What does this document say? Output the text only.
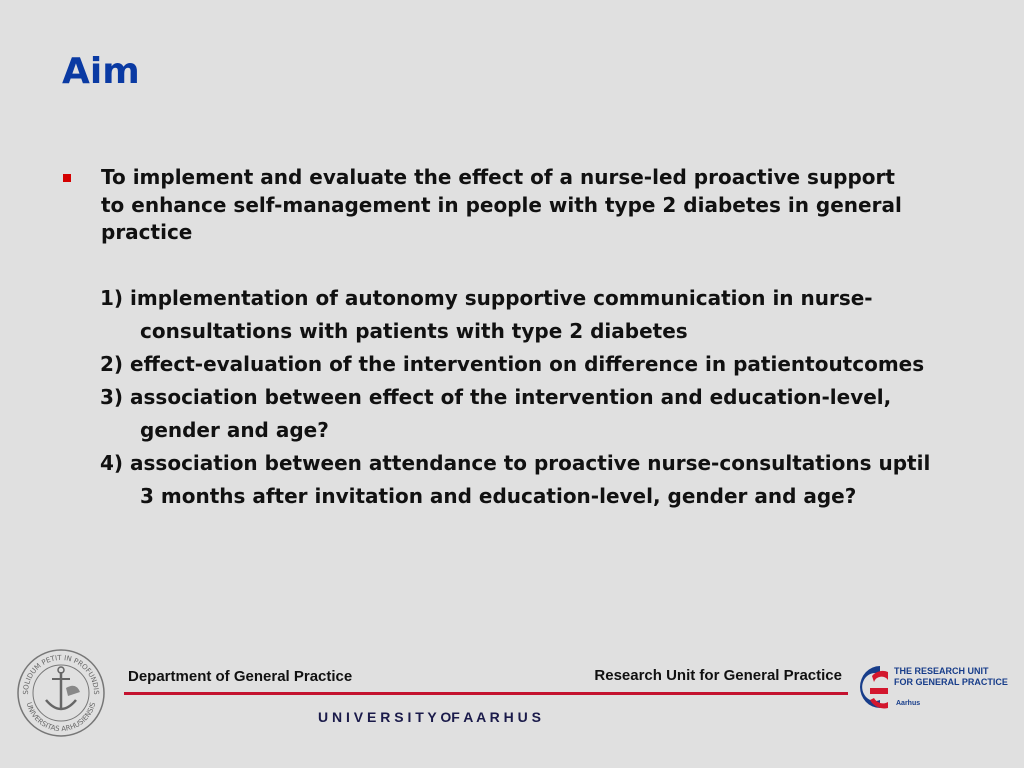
Aim
To implement and evaluate the effect of a nurse-led proactive support to enhance self-management in people with type 2 diabetes in general practice
1) implementation of autonomy supportive communication in nurse-consultations with patients with type 2 diabetes
2) effect-evaluation of the intervention on difference in patientoutcomes
3) association between effect of the intervention and education-level, gender and age?
4) association between attendance to proactive nurse-consultations uptil 3 months after invitation and education-level, gender and age?
SOLIDUM PETIT IN PROFUNDIS
UNIVERSITAS ARHUSIENSIS
Department of General Practice	Research Unit for General Practice
U N I V E R S I T Y OF A A R H U S
THE RESEARCH UNIT
FOR GENERAL PRACTICE
Aarhus
